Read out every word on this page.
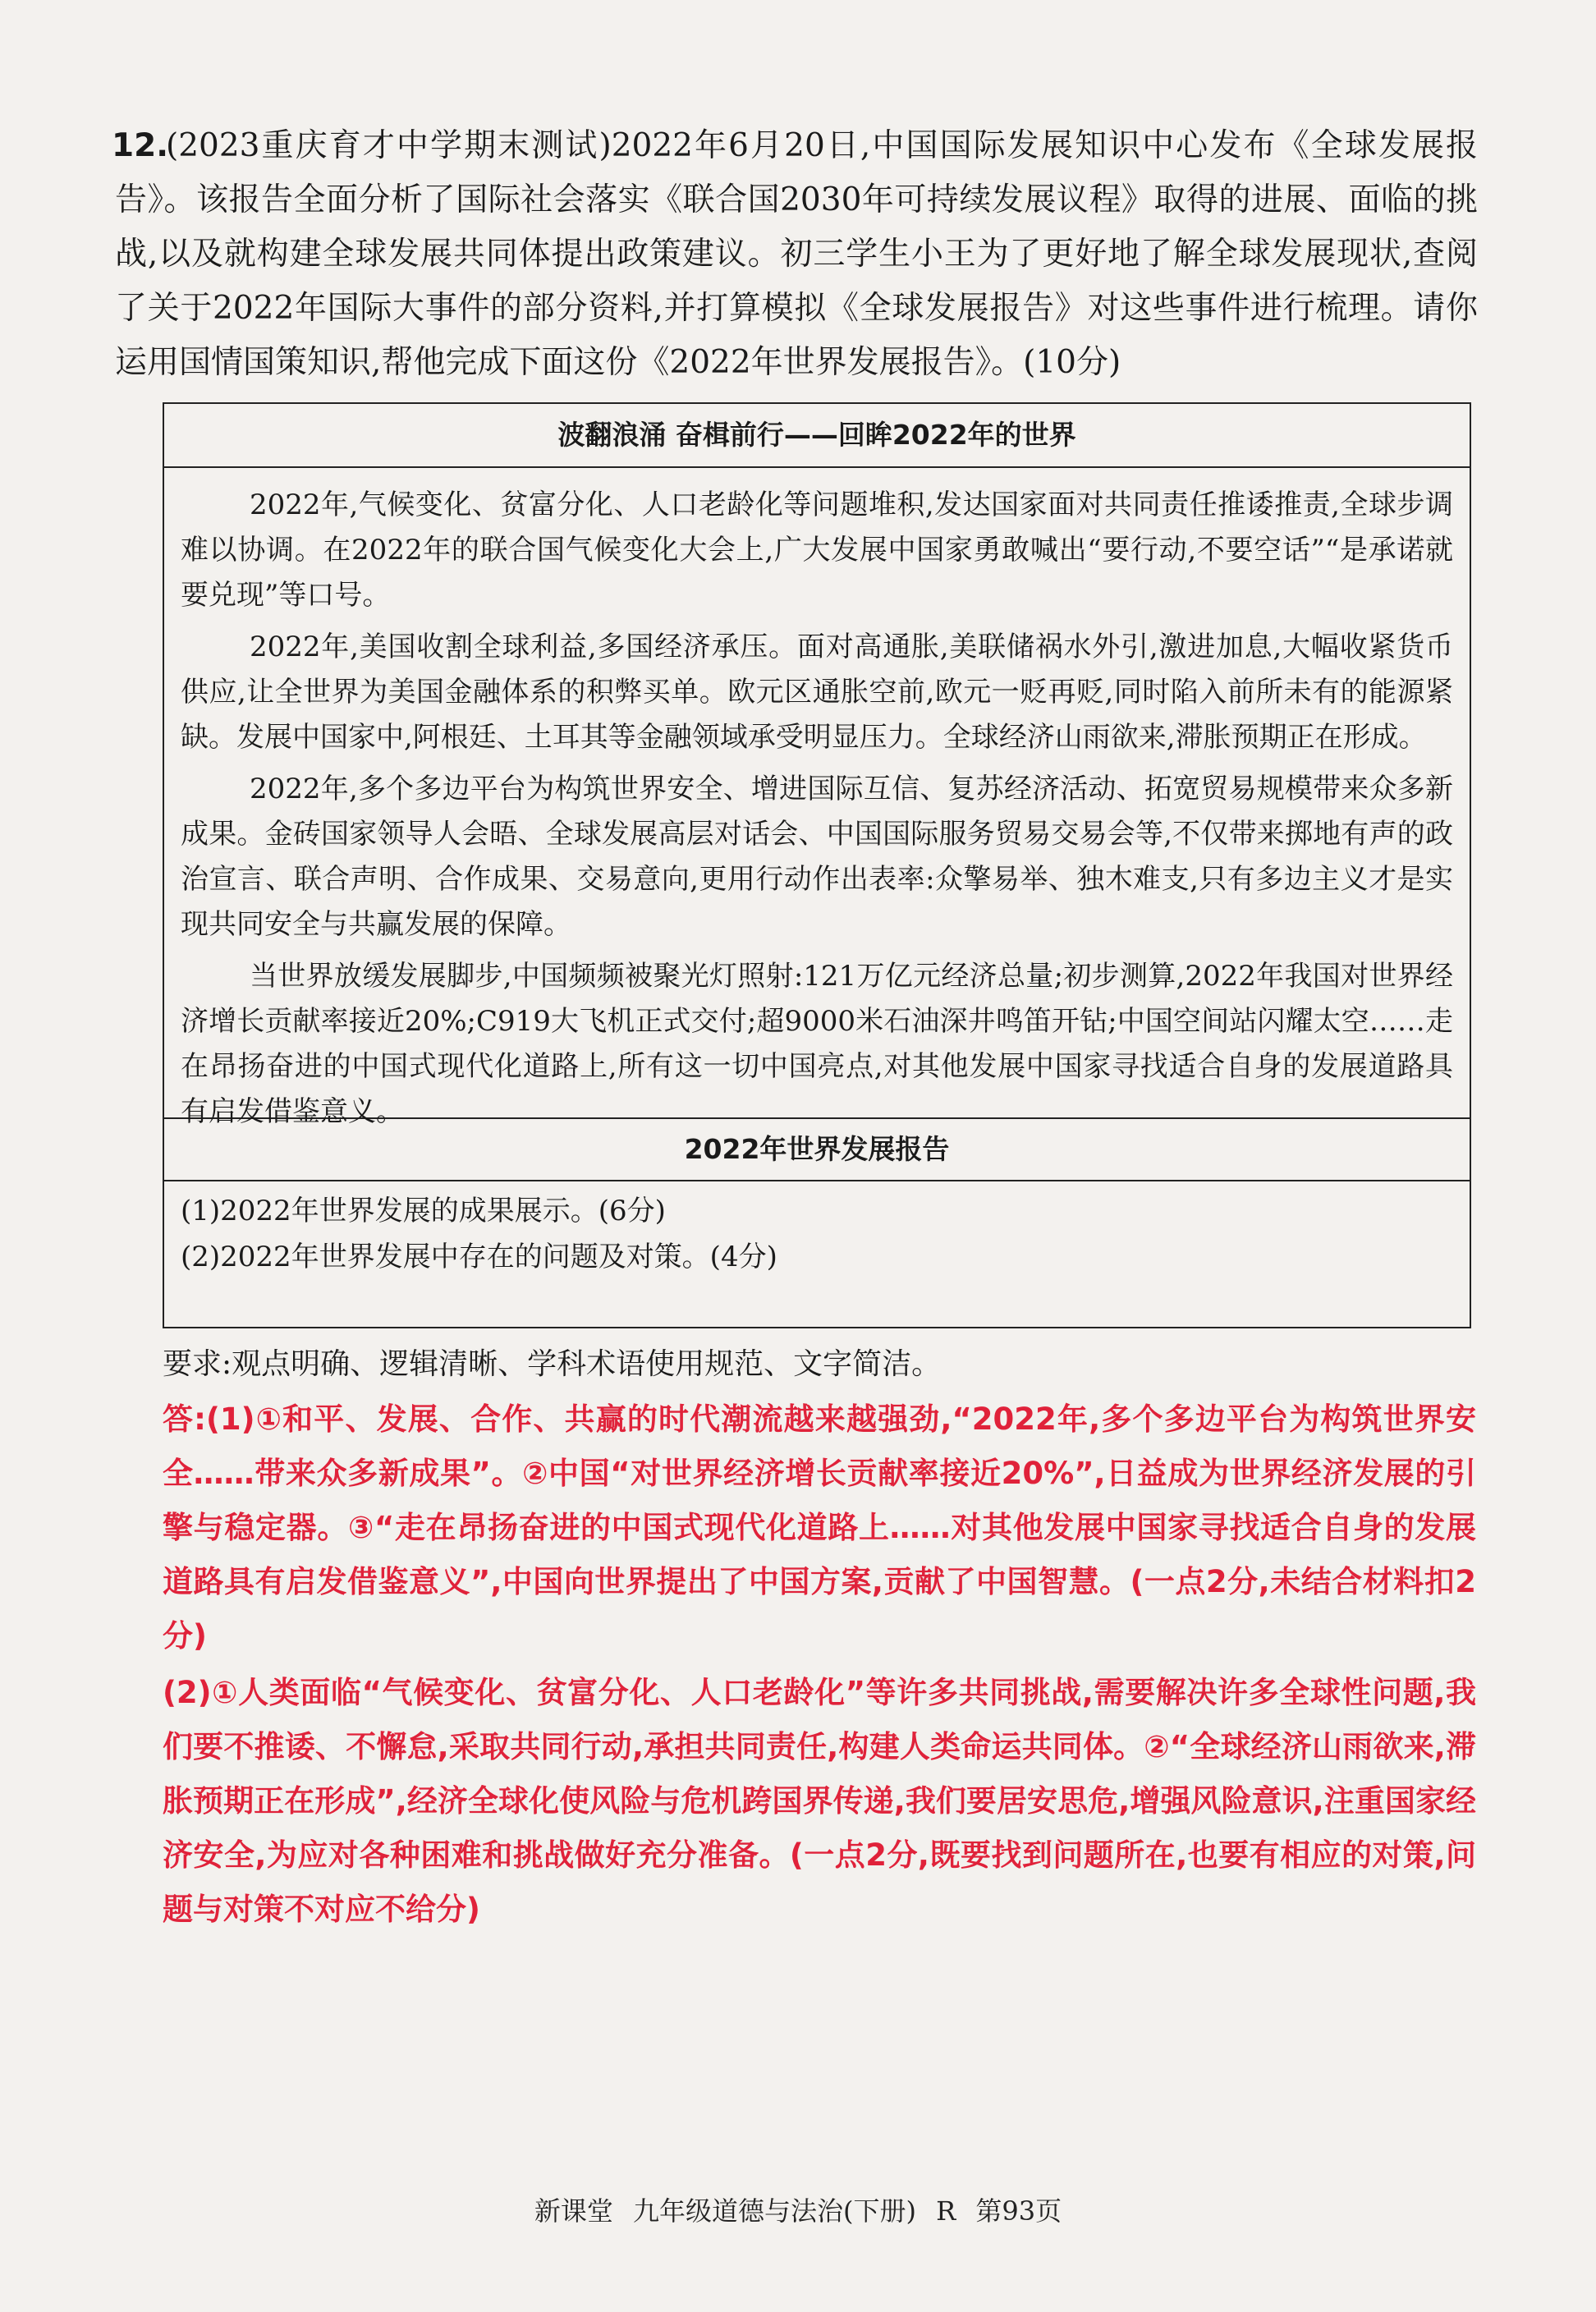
12.
(2023重庆育才中学期末测试)2022年6月20日,中国国际发展知识中心发布《全球发展报告》。该报告全面分析了国际社会落实《联合国2030年可持续发展议程》取得的进展、面临的挑战,以及就构建全球发展共同体提出政策建议。初三学生小王为了更好地了解全球发展现状,查阅了关于2022年国际大事件的部分资料,并打算模拟《全球发展报告》对这些事件进行梳理。请你运用国情国策知识,帮他完成下面这份《2022年世界发展报告》。(10分)
波翻浪涌 奋楫前行——回眸2022年的世界

2022年,气候变化、贫富分化、人口老龄化等问题堆积,发达国家面对共同责任推诿推责,全球步调难以协调。在2022年的联合国气候变化大会上,广大发展中国家勇敢喊出“要行动,不要空话”“是承诺就要兑现”等口号。

2022年,美国收割全球利益,多国经济承压。面对高通胀,美联储祸水外引,激进加息,大幅收紧货币供应,让全世界为美国金融体系的积弊买单。欧元区通胀空前,欧元一贬再贬,同时陷入前所未有的能源紧缺。发展中国家中,阿根廷、土耳其等金融领域承受明显压力。全球经济山雨欲来,滞胀预期正在形成。

2022年,多个多边平台为构筑世界安全、增进国际互信、复苏经济活动、拓宽贸易规模带来众多新成果。金砖国家领导人会晤、全球发展高层对话会、中国国际服务贸易交易会等,不仅带来掷地有声的政治宣言、联合声明、合作成果、交易意向,更用行动作出表率:众擎易举、独木难支,只有多边主义才是实现共同安全与共赢发展的保障。

当世界放缓发展脚步,中国频频被聚光灯照射:121万亿元经济总量;初步测算,2022年我国对世界经济增长贡献率接近20%;C919大飞机正式交付;超9000米石油深井鸣笛开钻;中国空间站闪耀太空……走在昂扬奋进的中国式现代化道路上,所有这一切中国亮点,对其他发展中国家寻找适合自身的发展道路具有启发借鉴意义。

2022年世界发展报告
(1)2022年世界发展的成果展示。(6分)
(2)2022年世界发展中存在的问题及对策。(4分)
要求:观点明确、逻辑清晰、学科术语使用规范、文字简洁。

答:(1)①和平、发展、合作、共赢的时代潮流越来越强劲,“2022年,多个多边平台为构筑世界安全……带来众多新成果”。②中国“对世界经济增长贡献率接近20%”,日益成为世界经济发展的引擎与稳定器。③“走在昂扬奋进的中国式现代化道路上……对其他发展中国家寻找适合自身的发展道路具有启发借鉴意义”,中国向世界提出了中国方案,贡献了中国智慧。(一点2分,未结合材料扣2分)

(2)①人类面临“气候变化、贫富分化、人口老龄化”等许多共同挑战,需要解决许多全球性问题,我们要不推诿、不懈怠,采取共同行动,承担共同责任,构建人类命运共同体。②“全球经济山雨欲来,滞胀预期正在形成”,经济全球化使风险与危机跨国界传递,我们要居安思危,增强风险意识,注重国家经济安全,为应对各种困难和挑战做好充分准备。(一点2分,既要找到问题所在,也要有相应的对策,问题与对策不对应不给分)

新课堂 九年级道德与法治(下册) R 第93页
